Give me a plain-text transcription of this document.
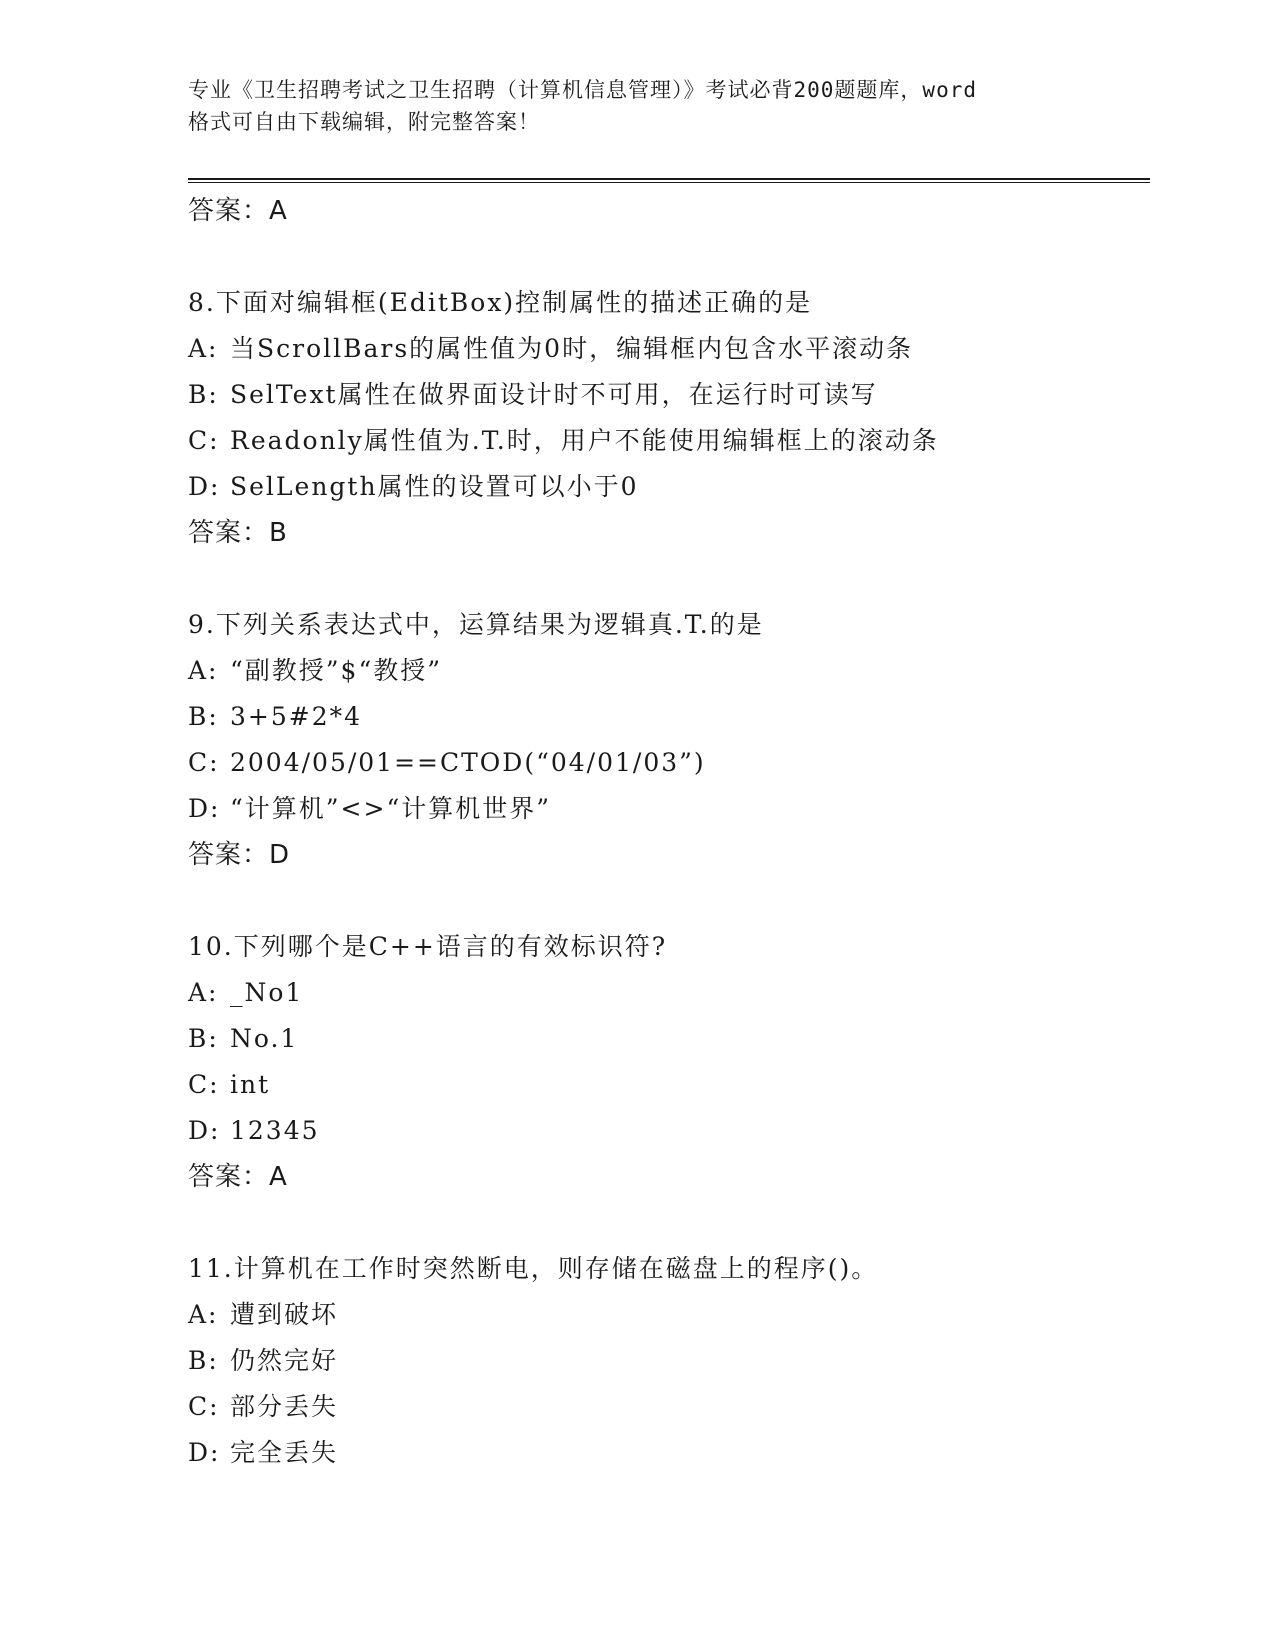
专业《卫生招聘考试之卫生招聘（计算机信息管理）》考试必背200题题库，word
格式可自由下载编辑，附完整答案！
答案：A
8.下面对编辑框(EditBox)控制属性的描述正确的是
A: 当ScrollBars的属性值为0时，编辑框内包含水平滚动条
B: SelText属性在做界面设计时不可用，在运行时可读写
C: Readonly属性值为.T.时，用户不能使用编辑框上的滚动条
D: SelLength属性的设置可以小于0
答案：B
9.下列关系表达式中，运算结果为逻辑真.T.的是
A: “副教授”$“教授”
B: 3+5#2*4
C: 2004/05/01==CTOD(“04/01/03”)
D: “计算机”<>“计算机世界”
答案：D
10.下列哪个是C++语言的有效标识符?
A: _No1
B: No.1
C: int
D: 12345
答案：A
11.计算机在工作时突然断电，则存储在磁盘上的程序()。
A: 遭到破坏
B: 仍然完好
C: 部分丢失
D: 完全丢失
